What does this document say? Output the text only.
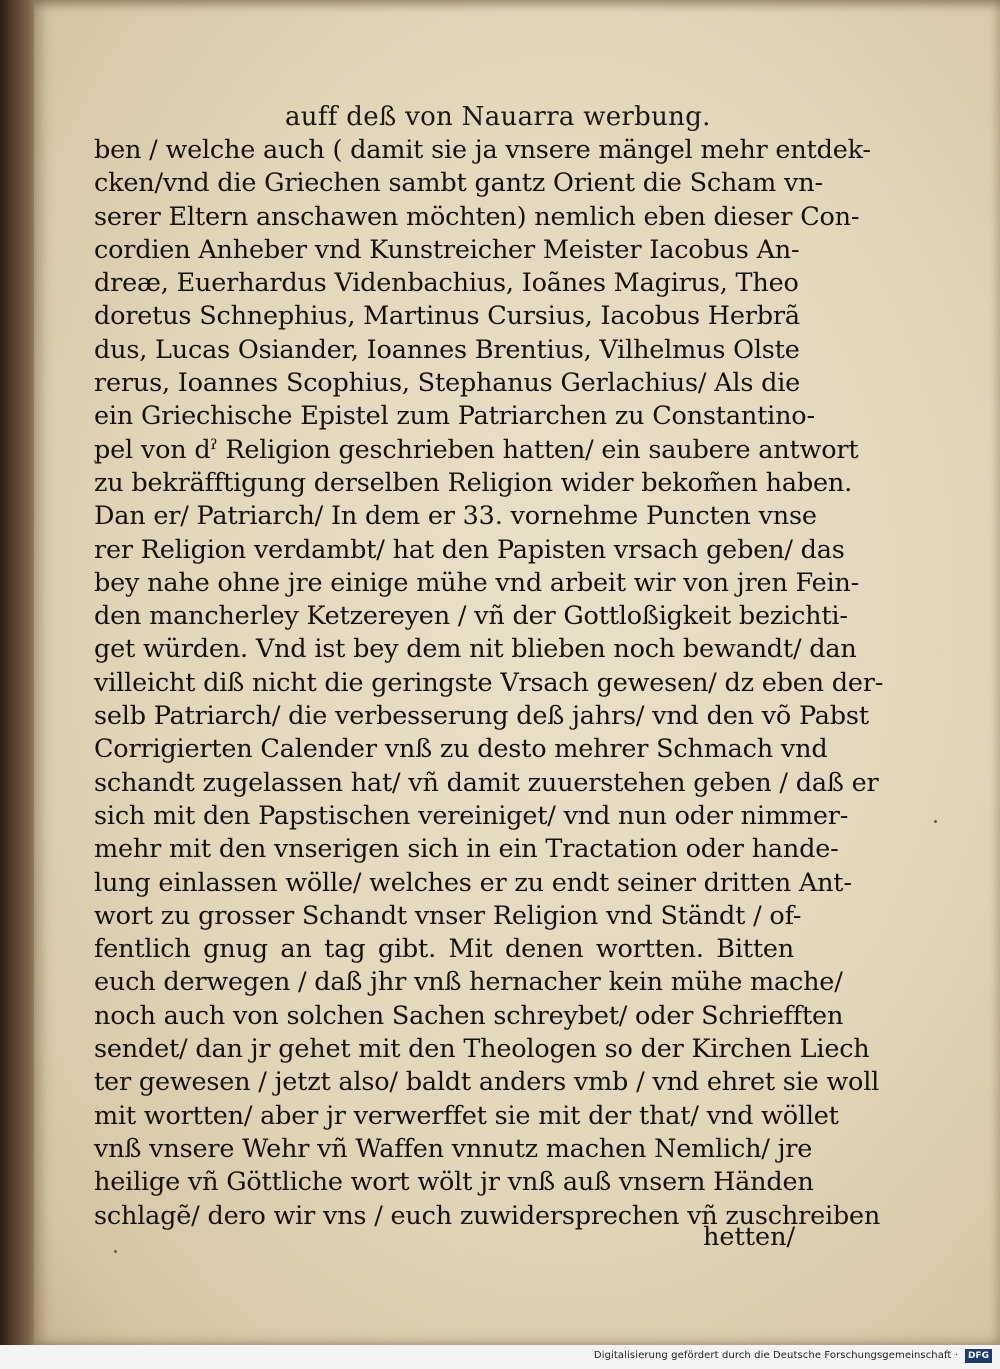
auff deß von Nauarra werbung.
ben / welche auch ( damit sie ja vnsere mängel mehr entdek-
cken/vnd die Griechen sambt gantz Orient die Scham vn-
serer Eltern anschawen möchten) nemlich eben dieser Con-
cordien Anheber vnd Kunstreicher Meister Iacobus An-
dreæ, Euerhardus Videnbachius, Ioãnes Magirus, Theo
doretus Schnephius, Martinus Cursius, Iacobus Herbrã
dus, Lucas Osiander, Ioannes Brentius, Vilhelmus Olste
rerus, Ioannes Scophius, Stephanus Gerlachius/ Als die
ein Griechische Epistel zum Patriarchen zu Constantino-
pel von dˀ Religion geschrieben hatten/ ein saubere antwort
zu bekräfftigung derselben Religion wider bekom̃en haben.
Dan er/ Patriarch/ In dem er 33. vornehme Puncten vnse
rer Religion verdambt/ hat den Papisten vrsach geben/ das
bey nahe ohne jre einige mühe vnd arbeit wir von jren Fein-
den mancherley Ketzereyen / vñ der Gottloßigkeit bezichti-
get würden. Vnd ist bey dem nit blieben noch bewandt/ dan
villeicht diß nicht die geringste Vrsach gewesen/ dz eben der-
selb Patriarch/ die verbesserung deß jahrs/ vnd den võ Pabst
Corrigierten Calender vnß zu desto mehrer Schmach vnd
schandt zugelassen hat/ vñ damit zuuerstehen geben / daß er
sich mit den Papstischen vereiniget/ vnd nun oder nimmer-
mehr mit den vnserigen sich in ein Tractation oder hande-
lung einlassen wölle/ welches er zu endt seiner dritten Ant-
wort zu grosser Schandt vnser Religion vnd Ständt / of-
fentlich gnug an tag gibt. Mit denen wortten. Bitten
euch derwegen / daß jhr vnß hernacher kein mühe mache/
noch auch von solchen Sachen schreybet/ oder Schriefften
sendet/ dan jr gehet mit den Theologen so der Kirchen Liech
ter gewesen / jetzt also/ baldt anders vmb / vnd ehret sie woll
mit wortten/ aber jr verwerffet sie mit der that/ vnd wöllet
vnß vnsere Wehr vñ Waffen vnnutz machen Nemlich/ jre
heilige vñ Göttliche wort wölt jr vnß auß vnsern Händen
schlagẽ/ dero wir vns / euch zuwidersprechen vñ zuschreiben
hetten/
Digitalisierung gefördert durch die Deutsche Forschungsgemeinschaft ·	DFG
